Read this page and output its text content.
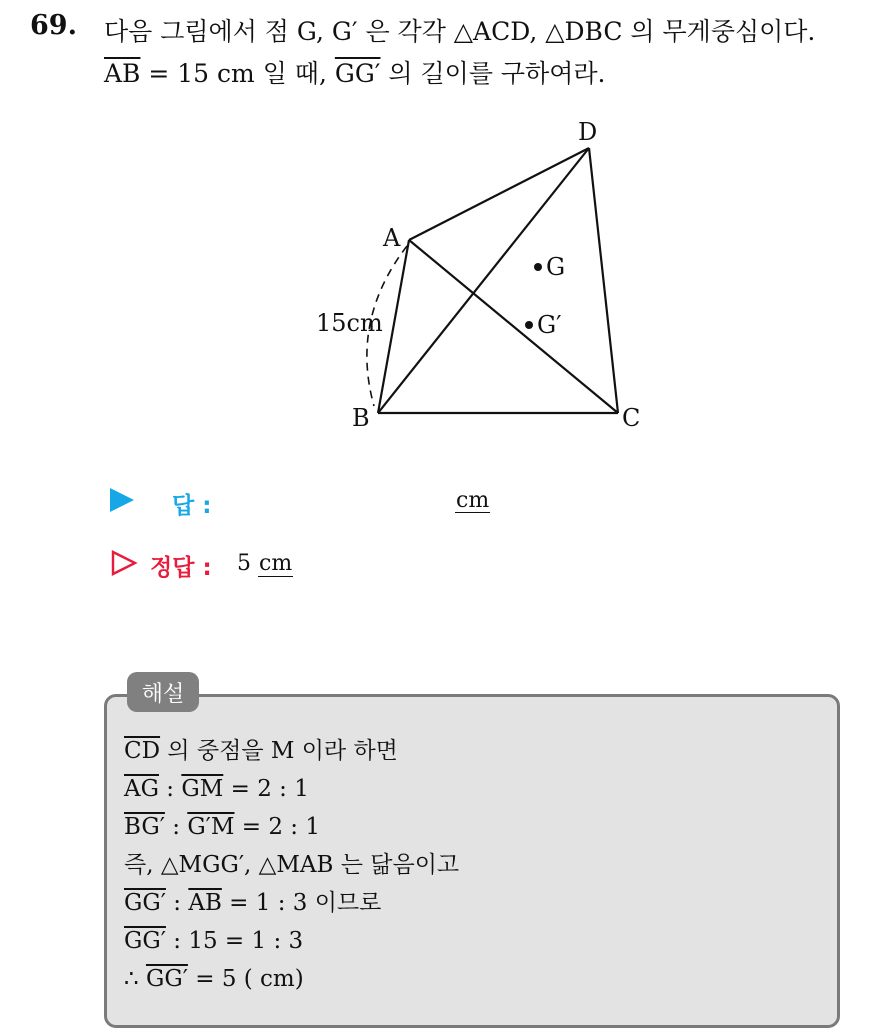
69. 다음 그림에서 점 G, G′ 은 각각 △ACD, △DBC 의 무게중심이다.
$\overline{AB} = 15$ cm 일 때, GG′ 의 길이를 구하여라.
D
A
B	C
G
G′
15cm
답 :	cm
정답 : 5 cm
해설
$\overline{CD}$ 의 중점을 M 이라 하면
$\overline{AG}$ : $\overline{GM} = 2$ : 1
BG′ : G′M = 2 : 1
즉, △MGG′, △MAB 는 닮음이고
GG′ : $\overline{AB} = 1$ : 3 이므로
GG′ : 15 = 1 : 3
∴ GG′ = 5 ( cm)
